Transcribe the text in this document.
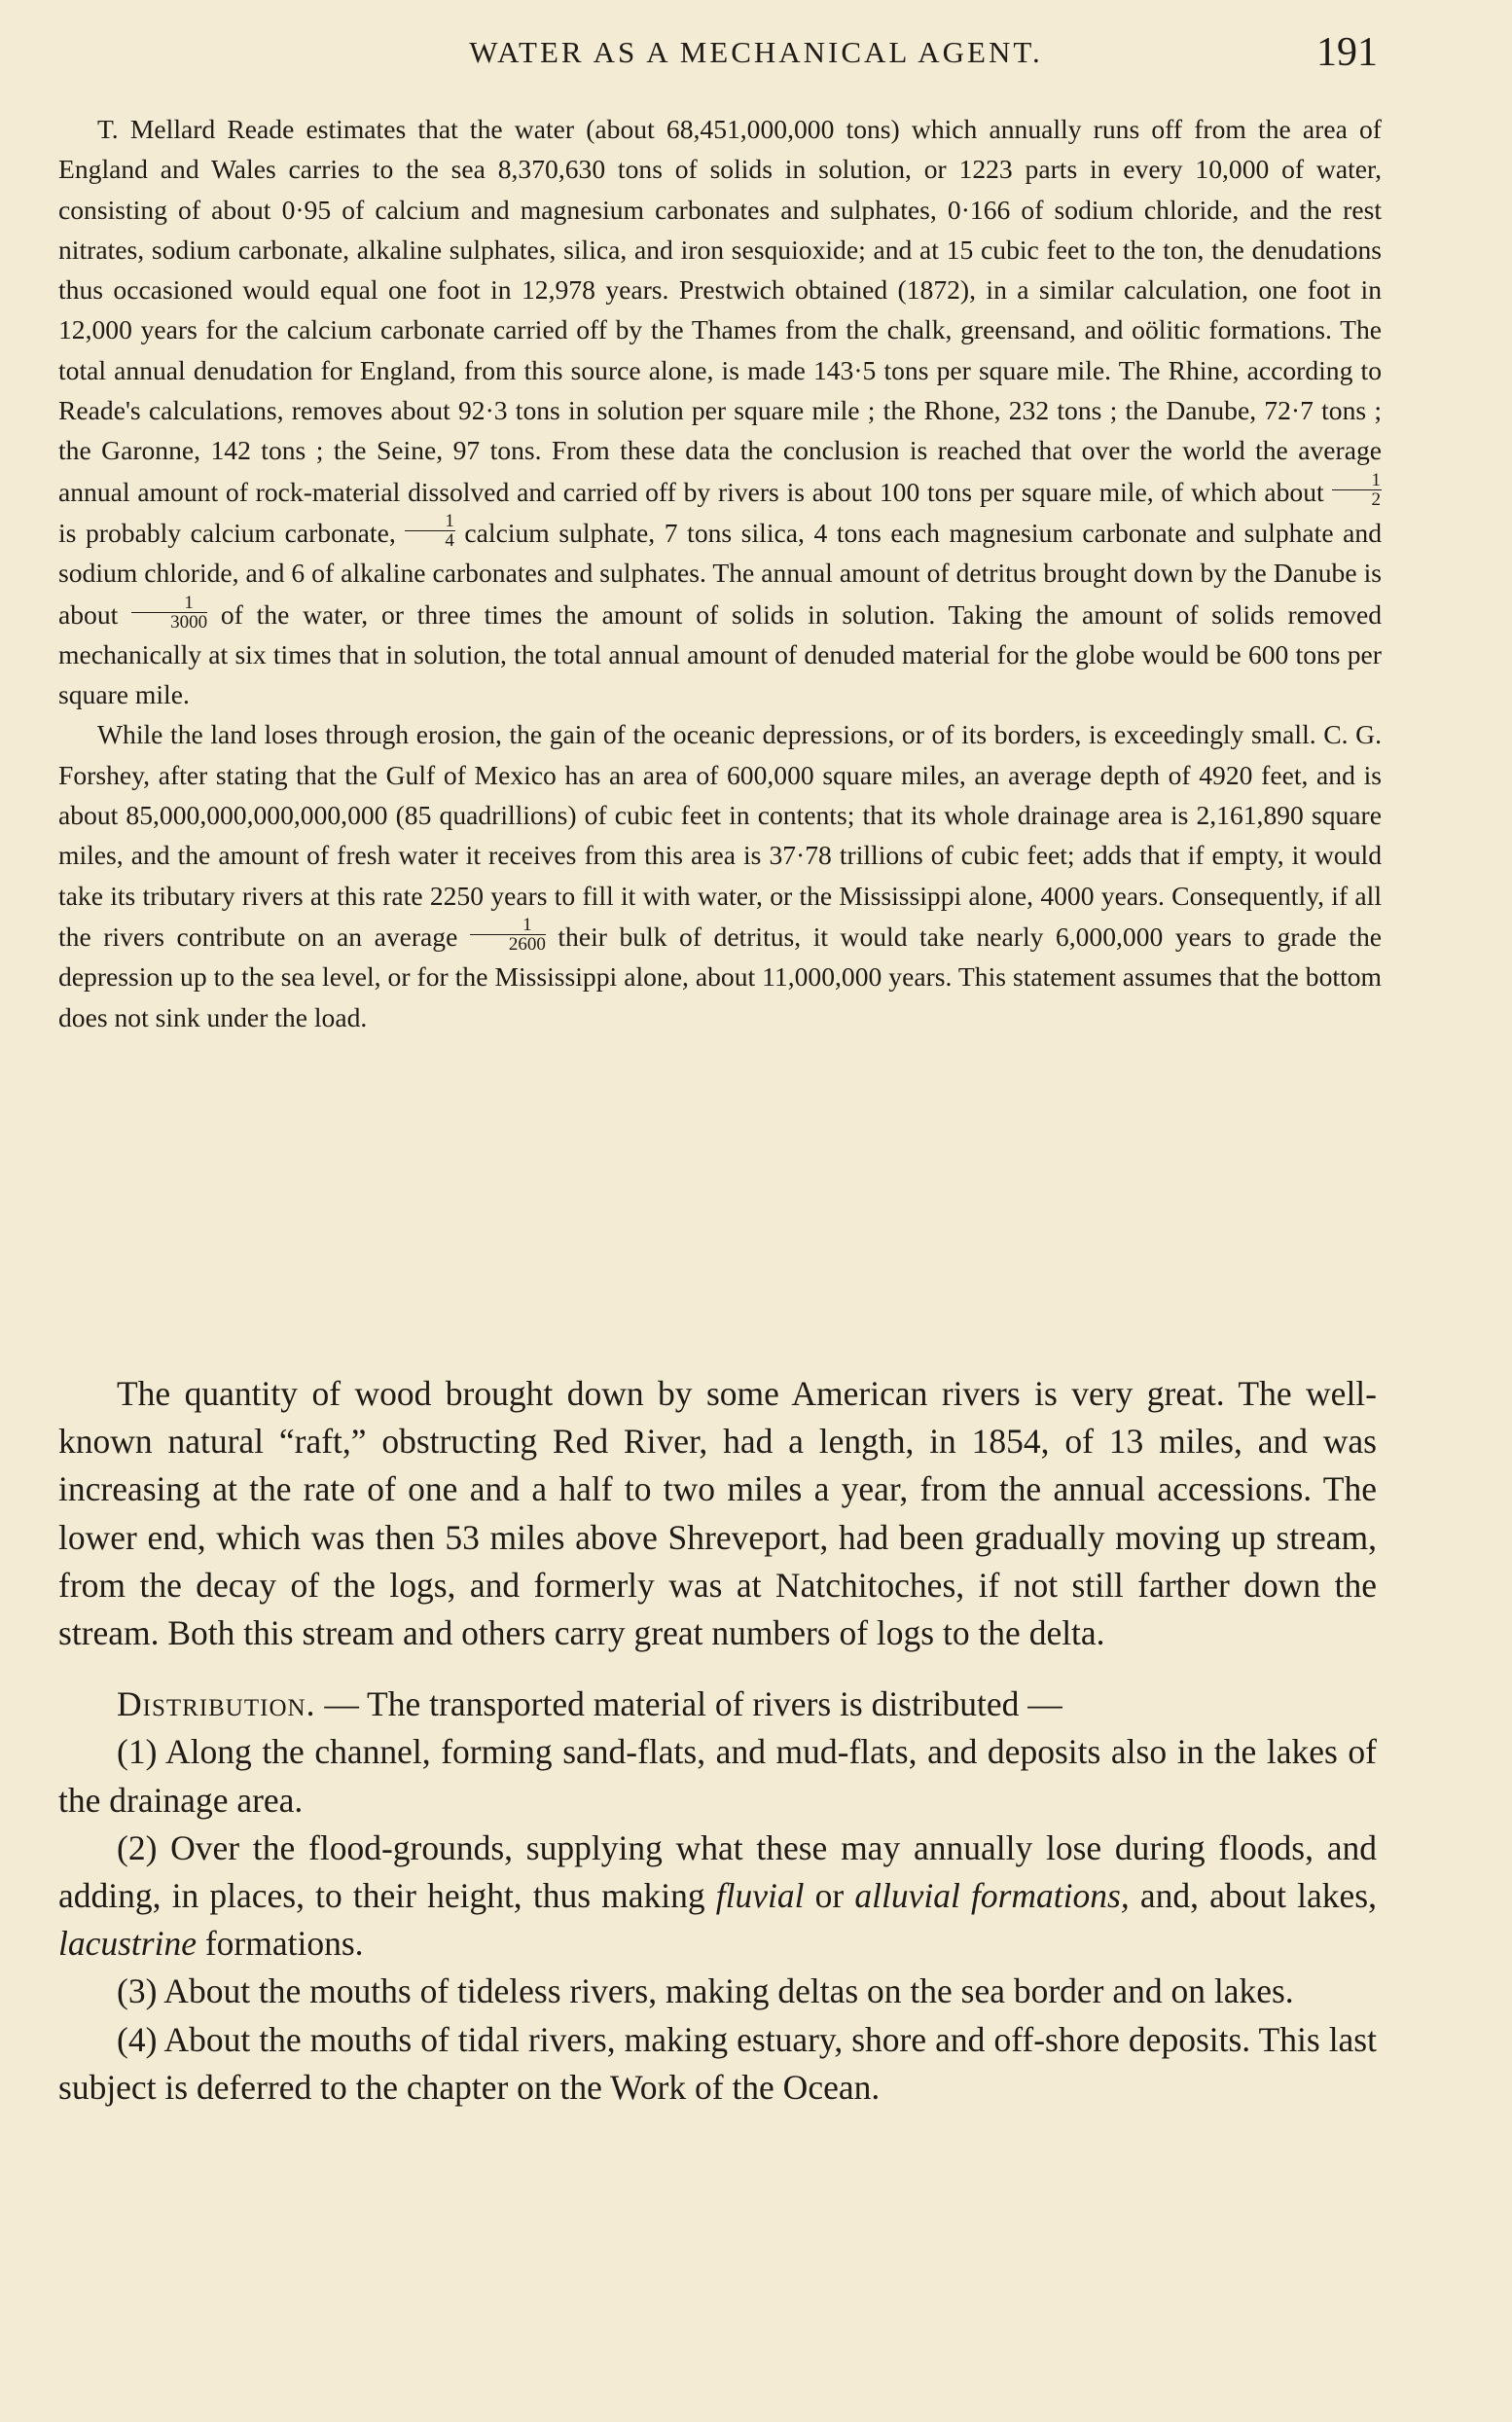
WATER AS A MECHANICAL AGENT.	191

T. Mellard Reade estimates that the water (about 68,451,000,000 tons) which annually runs off from the area of England and Wales carries to the sea 8,370,630 tons of solids in solution, or 1223 parts in every 10,000 of water, consisting of about 0·95 of calcium and magnesium carbonates and sulphates, 0·166 of sodium chloride, and the rest nitrates, sodium carbonate, alkaline sulphates, silica, and iron sesquioxide; and at 15 cubic feet to the ton, the denudations thus occasioned would equal one foot in 12,978 years. Prestwich obtained (1872), in a similar calculation, one foot in 12,000 years for the calcium carbonate carried off by the Thames from the chalk, greensand, and oölitic formations. The total annual denudation for England, from this source alone, is made 143·5 tons per square mile. The Rhine, according to Reade's calculations, removes about 92·3 tons in solution per square mile ; the Rhone, 232 tons ; the Danube, 72·7 tons ; the Garonne, 142 tons ; the Seine, 97 tons. From these data the conclusion is reached that over the world the average annual amount of rock-material dissolved and carried off by rivers is about 100 tons per square mile, of which about $\frac{1}{2}$
is probably calcium carbonate, $\frac{1}{4}$ calcium sulphate, 7 tons silica, 4 tons each magnesium carbonate and sulphate and sodium chloride, and 6 of alkaline carbonates and sulphates. The annual amount of detritus brought down by the Danube is about $\frac{1}{3000}$ of the water, or three times the amount of solids in solution. Taking the amount of solids removed mechanically at six times that in solution, the total annual amount of denuded material for the globe would be 600 tons per square mile.

While the land loses through erosion, the gain of the oceanic depressions, or of its borders, is exceedingly small. C. G. Forshey, after stating that the Gulf of Mexico has an area of 600,000 square miles, an average depth of 4920 feet, and is about 85,000,000,000,000,000 (85 quadrillions) of cubic feet in contents; that its whole drainage area is 2,161,890 square miles, and the amount of fresh water it receives from this area is 37·78 trillions of cubic feet; adds that if empty, it would take its tributary rivers at this rate 2250 years to fill it with water, or the Mississippi alone, 4000 years. Consequently, if all the rivers contribute on an average $\frac{1}{2600}$ their bulk of detritus, it would take nearly 6,000,000 years to grade the depression up to the sea level, or for the Mississippi alone, about 11,000,000 years. This statement assumes that the bottom does not sink under the load.

The quantity of wood brought down by some American rivers is very great. The well-known natural “raft,” obstructing Red River, had a length, in 1854, of 13 miles, and was increasing at the rate of one and a half to two miles a year, from the annual accessions. The lower end, which was then 53 miles above Shreveport, had been gradually moving up stream, from the decay of the logs, and formerly was at Natchitoches, if not still farther down the stream. Both this stream and others carry great numbers of logs to the delta.

Distribution. — The transported material of rivers is distributed —

(1) Along the channel, forming sand-flats, and mud-flats, and deposits also in the lakes of the drainage area.

(2) Over the flood-grounds, supplying what these may annually lose during floods, and adding, in places, to their height, thus making fluvial or alluvial formations, and, about lakes, lacustrine formations.

(3) About the mouths of tideless rivers, making deltas on the sea border and on lakes.

(4) About the mouths of tidal rivers, making estuary, shore and off-shore deposits. This last subject is deferred to the chapter on the Work of the Ocean.
